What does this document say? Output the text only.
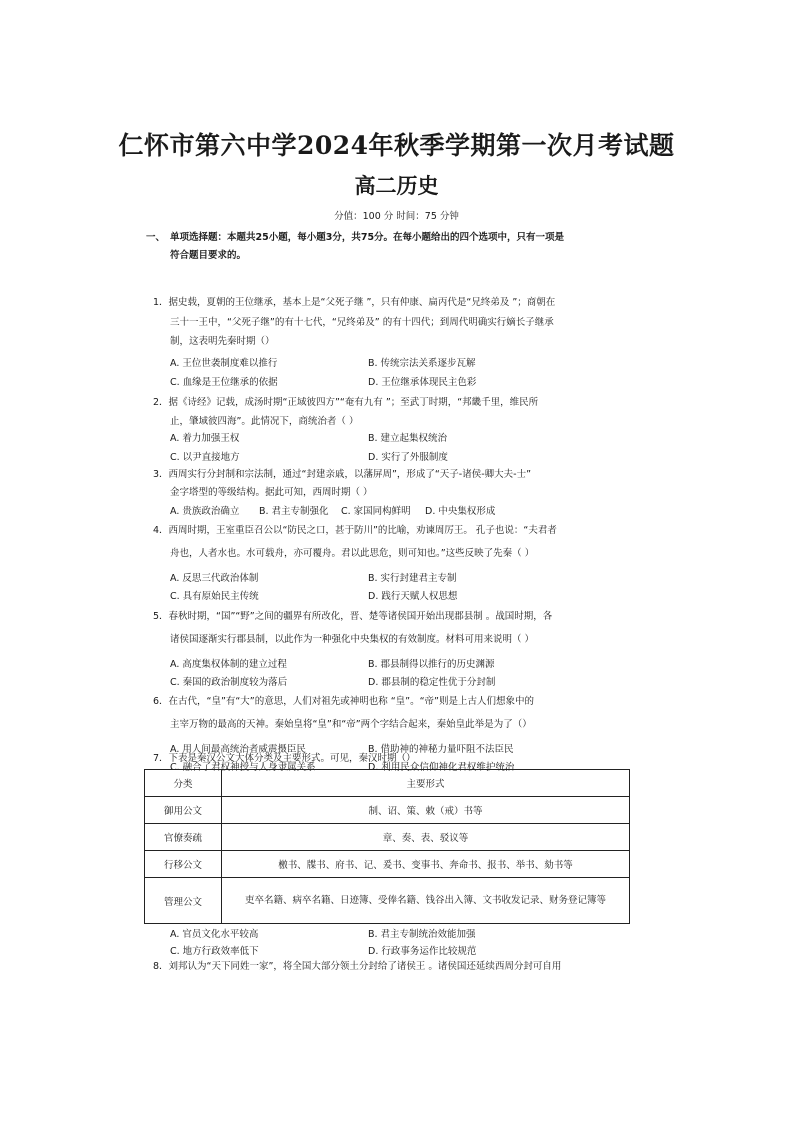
仁怀市第六中学2024年秋季学期第一次月考试题
高二历史
分值：100 分 时间：75 分钟
一、 单项选择题：本题共25小题，每小题3分，共75分。在每小题给出的四个选项中，只有一项是
符合题目要求的。
1．据史载，夏朝的王位继承，基本上是“父死子继 ”，只有仲康、扁丙代是“兄终弟及 ”；商朝在
三十一王中，“父死子继”的有十七代，“兄终弟及” 的有十四代；到周代明确实行嫡长子继承
制，这表明先秦时期（）
A. 王位世袭制度难以推行	B. 传统宗法关系逐步瓦解
C. 血缘是王位继承的依据	D. 王位继承体现民主色彩
2．据《诗经》记载，成汤时期“正域彼四方”“奄有九有 ”；至武丁时期，“邦畿千里，维民所
止，肇域彼四海”。此情况下，商统治者（ ）
A. 着力加强王权	B. 建立起集权统治
C. 以尹直接地方	D. 实行了外服制度
3．西周实行分封制和宗法制，通过“封建亲戚，以藩屏周”，形成了“天子-诸侯-卿大夫-士”
金字塔型的等级结构。据此可知，西周时期（ ）
A. 贵族政治确立 B. 君主专制强化 C. 家国同构鲜明 D. 中央集权形成
4．西周时期，王室重臣召公以“防民之口，甚于防川”的比喻，劝谏周厉王。 孔子也说：“夫君者
舟也，人者水也。水可载舟，亦可覆舟。君以此思危，则可知也。”这些反映了先秦（ ）
A. 反思三代政治体制	B. 实行封建君主专制
C. 具有原始民主传统	D. 践行天赋人权思想
5．春秋时期，“国”“野”之间的疆界有所改化，晋、楚等诸侯国开始出现郡县制 。战国时期，各
诸侯国逐渐实行郡县制，以此作为一种强化中央集权的有效制度。材料可用来说明（ ）
A. 高度集权体制的建立过程	B. 郡县制得以推行的历史渊源
C. 秦国的政治制度较为落后	D. 郡县制的稳定性优于分封制
6．在古代，“皇”有“大”的意思，人们对祖先或神明也称 “皇”。“帝”则是上古人们想象中的
主宰万物的最高的天神。秦始皇将“皇”和“帝”两个字结合起来，秦始皇此举是为了（）
A. 用人间最高统治者威震摄臣民	B. 借助神的神秘力量吓阻不法臣民
C. 融合了君权神授与人身隶属关系	D. 利用民众信仰神化君权维护统治
7．下表是秦汉公文大体分类及主要形式。可见，秦汉时期（）
分类	主要形式
御用公文	制、诏、策、敕（戒）书等
官僚奏疏	章、奏、表、驳议等
行移公文	檄书、牒书、府书、记、爰书、变事书、奔命书、报书、举书、劾书等
管理公文	吏卒名籍、病卒名籍、日迹簿、受俸名籍、钱谷出入簿、文书收发记录、财务登记簿等
A. 官员文化水平较高	B. 君主专制统治效能加强
C. 地方行政效率低下	D. 行政事务运作比较规范
8．刘邦认为“天下同姓一家”，将全国大部分领土分封给了诸侯王 。诸侯国还延续西周分封可自用
